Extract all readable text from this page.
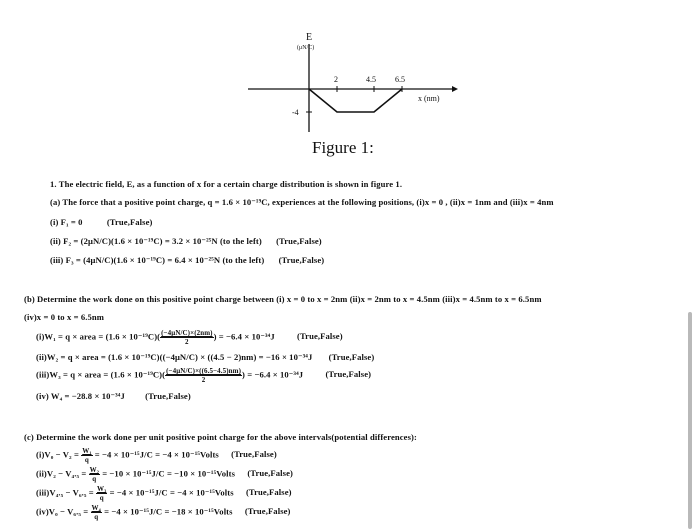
E
(μN/C)
2	4.5 6.5
-4
x (nm)
Figure 1:
1. The electric field, E, as a function of x for a certain charge distribution is shown in figure 1.
(a) The force that a positive point charge, q = 1.6 × 10⁻¹⁹C, experiences at the following positions, (i)x = 0 , (ii)x = 1nm and (iii)x = 4nm
(i) F₁ = 0	(True,False)
(ii) F₂ = (2μN/C)(1.6 × 10⁻¹⁹C) = 3.2 × 10⁻²⁵N (to the left) (True,False)
(iii) F₃ = (4μN/C)(1.6 × 10⁻¹⁹C) = 6.4 × 10⁻²⁵N (to the left) (True,False)
(b) Determine the work done on this positive point charge between (i) x = 0 to x = 2nm (ii)x = 2nm to x = 4.5nm (iii)x = 4.5nm to x = 6.5nm
(iv)x = 0 to x = 6.5nm
(i)W₁ = q × area = $(1.6 \times 10^{-19}C)( \frac{(-4\mu N/C)\times(2nm)}{2}$ ) = −6.4 × 10⁻³⁴J	(True,False)
(ii)W₂ = q × area = (1.6 × 10⁻¹⁹C)((−4μN/C) × ((4.5 − 2)nm) = −16 × 10⁻³⁴J (True,False)
(iii)W₃ = q × area = $(1.6 \times 10^{-19}C)( \frac{(-4\mu N/C)\times((6.5-4.5)nm)}{2}$ ) = −6.4 × 10⁻³⁴J	(True,False)
(iv) W₄ = −28.8 × 10⁻³⁴J (True,False)
(c) Determine the work done per unit positive point charge for the above intervals(potential differences):
$(i)V_0 - V_2 = \frac{\text{W₁}}{q} = -4 \times 10^{-15}J/C = -4$ × 10⁻¹⁵Volts (True,False)
$(ii)V_2 - V_4._5 = \frac{\text{W₂}}{q} = -10 \times 10^{-15}J/C = -10$ × 10⁻¹⁵Volts (True,False)
$(iii)V_4._5 - V_6._5 = \frac{\text{W₃}}{q} = -4 \times 10^{-15}J/C = -4$ × 10⁻¹⁵Volts (True,False)
$(iv)V_0 - V_6._5 = \frac{\text{W₄}}{q} = -4 \times 10^{-15}J/C = -18$ × 10⁻¹⁵Volts (True,False)
